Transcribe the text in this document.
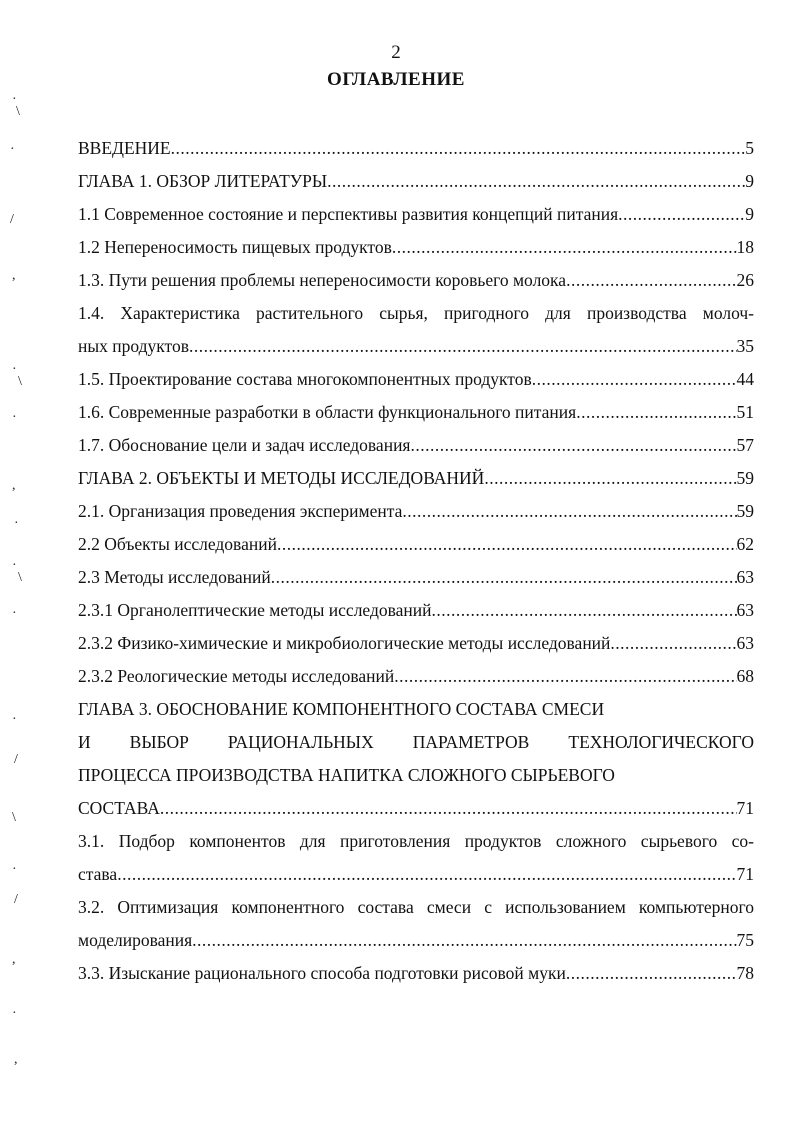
2
ОГЛАВЛЕНИЕ
ВВЕДЕНИЕ .....	5
ГЛАВА 1. ОБЗОР ЛИТЕРАТУРЫ .....	9
1.1 Современное состояние и перспективы развития концепций питания .....	9
1.2 Непереносимость пищевых продуктов .....	18
1.3. Пути решения проблемы непереносимости коровьего молока .....	26
1.4. Характеристика растительного сырья, пригодного для производства молоч-
ных продуктов .....	35
1.5. Проектирование состава многокомпонентных продуктов .....	44
1.6. Современные разработки в области функционального питания .....	51
1.7. Обоснование цели и задач исследования .....	57
ГЛАВА 2. ОБЪЕКТЫ И МЕТОДЫ ИССЛЕДОВАНИЙ .....	59
2.1. Организация проведения эксперимента .....	59
2.2 Объекты исследований .....	62
2.3 Методы исследований .....	63
2.3.1 Органолептические методы исследований .....	63
2.3.2 Физико-химические и микробиологические методы исследований .....	63
2.3.2 Реологические методы исследований .....	68
ГЛАВА 3. ОБОСНОВАНИЕ КОМПОНЕНТНОГО СОСТАВА СМЕСИ
И ВЫБОР РАЦИОНАЛЬНЫХ ПАРАМЕТРОВ ТЕХНОЛОГИЧЕСКОГО
ПРОЦЕССА ПРОИЗВОДСТВА НАПИТКА СЛОЖНОГО СЫРЬЕВОГО
СОСТАВА .....	71
3.1. Подбор компонентов для приготовления продуктов сложного сырьевого со-
става .....	71
3.2. Оптимизация компонентного состава смеси с использованием компьютерного
моделирования .....	75
3.3. Изыскание рационального способа подготовки рисовой муки .....	78
·
\
·
/
,
·
\
·
,
·
·
\
·
·
/
\
·
/
,
·
,
